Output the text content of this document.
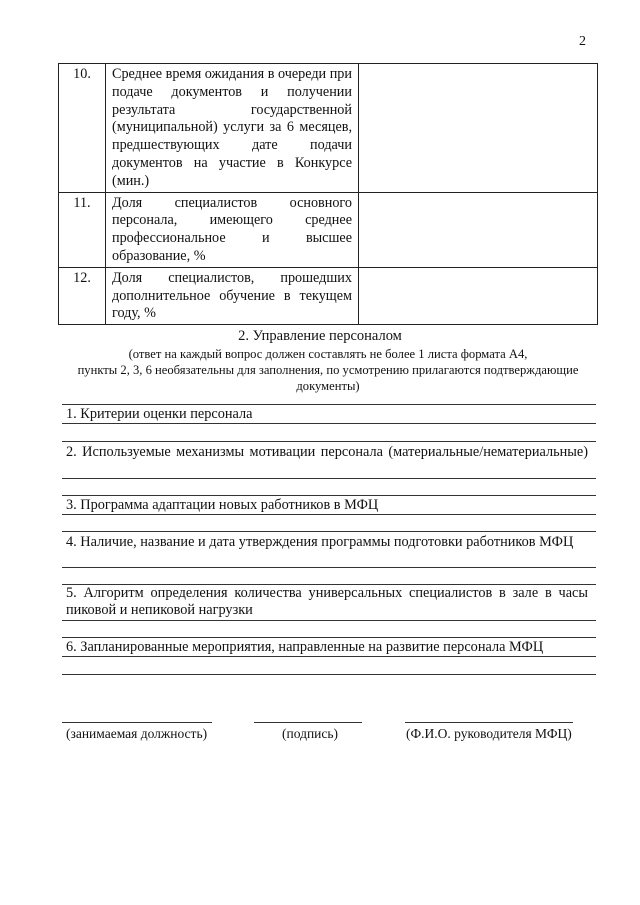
2
10.	Среднее время ожидания в очереди при подаче документов и получении результата государственной (муниципальной) услуги за 6 месяцев, предшествующих дате подачи документов на участие в Конкурсе (мин.)	
11.	Доля специалистов основного персонала, имеющего среднее профессиональное и высшее образование, %	
12.	Доля специалистов, прошедших дополнительное обучение в текущем году, %	
2. Управление персоналом
(ответ на каждый вопрос должен составлять не более 1 листа формата А4,
пункты 2, 3, 6 необязательны для заполнения, по усмотрению прилагаются подтверждающие
документы)
1. Критерии оценки персонала
2. Используемые механизмы мотивации персонала (материальные/нематериальные)
3. Программа адаптации новых работников в МФЦ
4. Наличие, название и дата утверждения программы подготовки работников МФЦ
5. Алгоритм определения количества универсальных специалистов в зале в часы пиковой и непиковой нагрузки
6. Запланированные мероприятия, направленные на развитие персонала МФЦ
(занимаемая должность)	(подпись)	(Ф.И.О. руководителя МФЦ)
